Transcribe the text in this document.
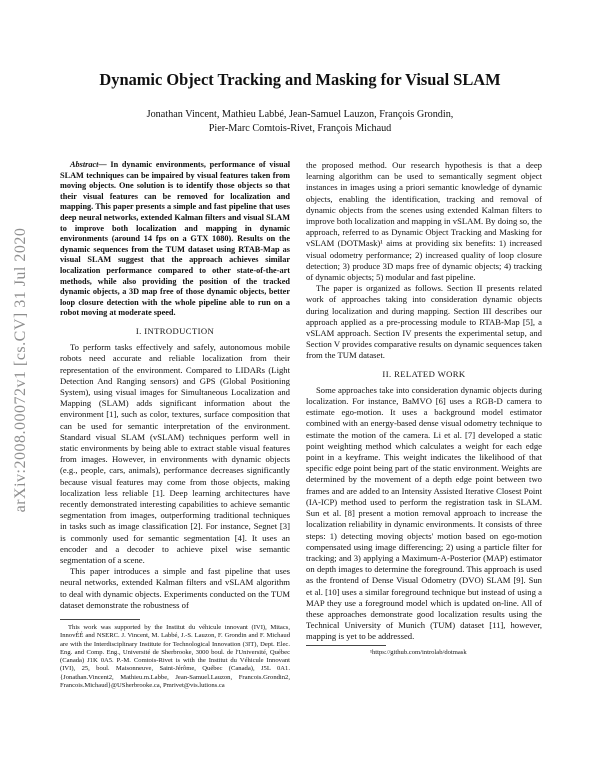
arXiv:2008.00072v1 [cs.CV] 31 Jul 2020
Dynamic Object Tracking and Masking for Visual SLAM
Jonathan Vincent, Mathieu Labbé, Jean-Samuel Lauzon, François Grondin,
Pier-Marc Comtois-Rivet, François Michaud

Abstract— In dynamic environments, performance of visual SLAM techniques can be impaired by visual features taken from moving objects. One solution is to identify those objects so that their visual features can be removed for localization and mapping. This paper presents a simple and fast pipeline that uses deep neural networks, extended Kalman filters and visual SLAM to improve both localization and mapping in dynamic environments (around 14 fps on a GTX 1080). Results on the dynamic sequences from the TUM dataset using RTAB-Map as visual SLAM suggest that the approach achieves similar localization performance compared to other state-of-the-art methods, while also providing the position of the tracked dynamic objects, a 3D map free of those dynamic objects, better loop closure detection with the whole pipeline able to run on a robot moving at moderate speed.

I. INTRODUCTION

To perform tasks effectively and safely, autonomous mobile robots need accurate and reliable localization from their representation of the environment. Compared to LIDARs (Light Detection And Ranging sensors) and GPS (Global Positioning System), using visual images for Simultaneous Localization and Mapping (SLAM) adds significant information about the environment [1], such as color, textures, surface composition that can be used for semantic interpretation of the environment. Standard visual SLAM (vSLAM) techniques perform well in static environments by being able to extract stable visual features from images. However, in environments with dynamic objects (e.g., people, cars, animals), performance decreases significantly because visual features may come from those objects, making localization less reliable [1]. Deep learning architectures have recently demonstrated interesting capabilities to achieve semantic segmentation from images, outperforming traditional techniques in tasks such as image classification [2]. For instance, Segnet [3] is commonly used for semantic segmentation [4]. It uses an encoder and a decoder to achieve pixel wise semantic segmentation of a scene.

This paper introduces a simple and fast pipeline that uses neural networks, extended Kalman filters and vSLAM algorithm to deal with dynamic objects. Experiments conducted on the TUM dataset demonstrate the robustness of

This work was supported by the Institut du véhicule innovant (IVI), Mitacs, InnovÉÉ and NSERC. J. Vincent, M. Labbé, J.-S. Lauzon, F. Grondin and F. Michaud are with the Interdisciplinary Institute for Technological Innovation (3IT), Dept. Elec. Eng. and Comp. Eng., Université de Sherbrooke, 3000 boul. de l'Université, Québec (Canada) J1K 0A5. P.-M. Comtois-Rivet is with the Institut du Véhicule Innovant (IVI), 25, boul. Maisonneuve, Saint-Jérôme, Québec (Canada), J5L 0A1. {Jonathan.Vincent2, Mathieu.m.Labbe, Jean-Samuel.Lauzon, Francois.Grondin2, Francois.Michaud}@USherbrooke.ca, Pmrivet@vis.lutions.ca

the proposed method. Our research hypothesis is that a deep learning algorithm can be used to semantically segment object instances in images using a priori semantic knowledge of dynamic objects, enabling the identification, tracking and removal of dynamic objects from the scenes using extended Kalman filters to improve both localization and mapping in vSLAM. By doing so, the approach, referred to as Dynamic Object Tracking and Masking for vSLAM (DOTMask)¹ aims at providing six benefits: 1) increased visual odometry performance; 2) increased quality of loop closure detection; 3) produce 3D maps free of dynamic objects; 4) tracking of dynamic objects; 5) modular and fast pipeline.

The paper is organized as follows. Section II presents related work of approaches taking into consideration dynamic objects during localization and during mapping. Section III describes our approach applied as a pre-processing module to RTAB-Map [5], a vSLAM approach. Section IV presents the experimental setup, and Section V provides comparative results on dynamic sequences taken from the TUM dataset.

II. RELATED WORK

Some approaches take into consideration dynamic objects during localization. For instance, BaMVO [6] uses a RGB-D camera to estimate ego-motion. It uses a background model estimator combined with an energy-based dense visual odometry technique to estimate the motion of the camera. Li et al. [7] developed a static point weighting method which calculates a weight for each edge point in a keyframe. This weight indicates the likelihood of that specific edge point being part of the static environment. Weights are determined by the movement of a depth edge point between two frames and are added to an Intensity Assisted Iterative Closest Point (IA-ICP) method used to perform the registration task in SLAM. Sun et al. [8] present a motion removal approach to increase the localization reliability in dynamic environments. It consists of three steps: 1) detecting moving objects' motion based on ego-motion compensated using image differencing; 2) using a particle filter for tracking; and 3) applying a Maximum-A-Posterior (MAP) estimator on depth images to determine the foreground. This approach is used as the frontend of Dense Visual Odometry (DVO) SLAM [9]. Sun et al. [10] uses a similar foreground technique but instead of using a MAP they use a foreground model which is updated on-line. All of these approaches demonstrate good localization results using the Technical University of Munich (TUM) dataset [11], however, mapping is yet to be addressed.

¹https://github.com/introlab/dotmask
